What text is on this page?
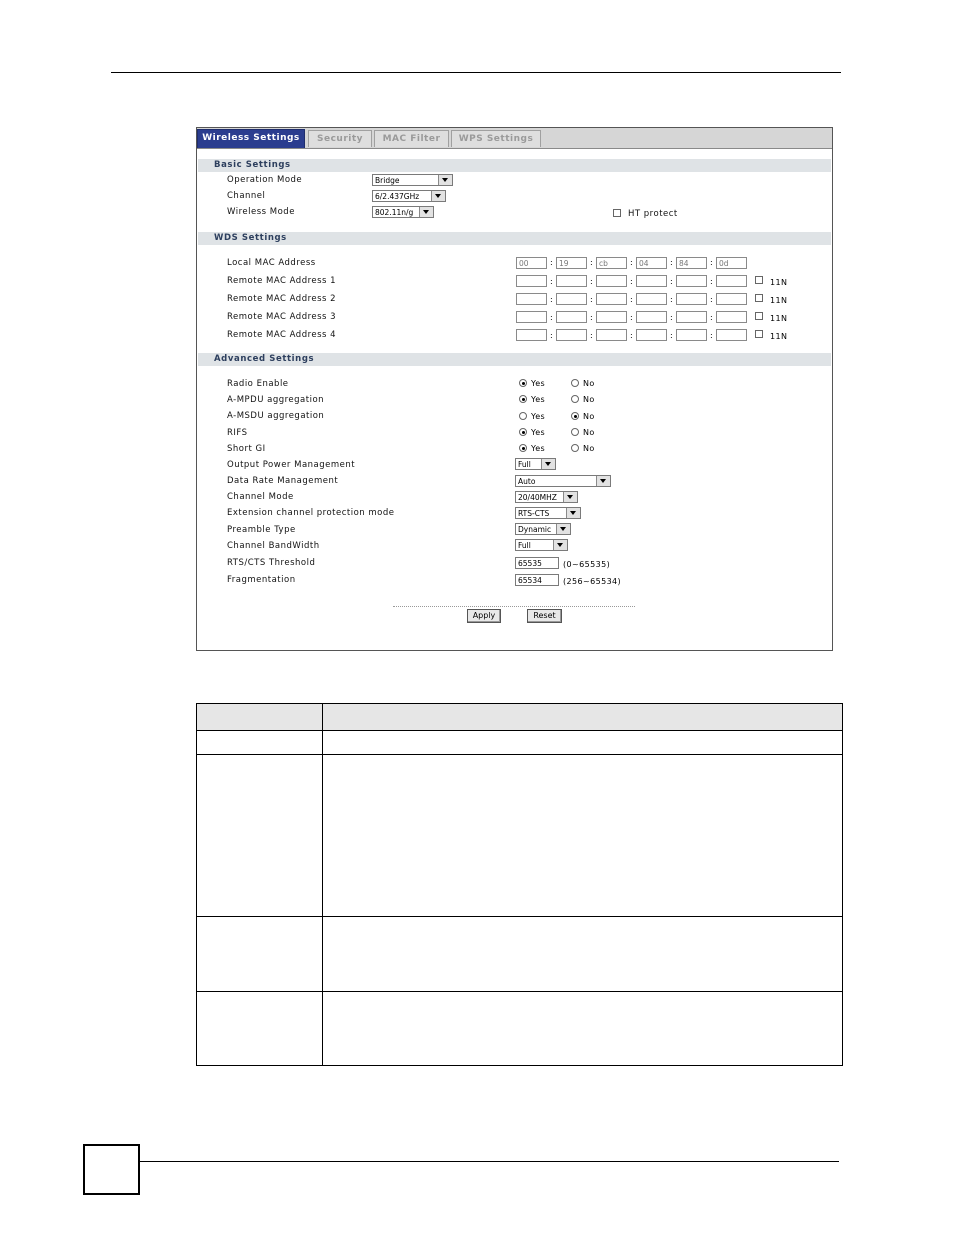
Wireless Settings	Security	MAC Filter	WPS Settings
Basic Settings
Operation Mode	Bridge
Channel	6/2.437GHz
Wireless Mode	802.11n/g	HT protect
WDS Settings
Local MAC Address	00	: 19	: cb	: 04	: 84	: 0d
Remote MAC Address 1	:	:	:	:	:	11N
Remote MAC Address 2	:	:	:	:	:	11N
Remote MAC Address 3	:	:	:	:	:	11N
Remote MAC Address 4	:	:	:	:	:	11N
Advanced Settings
Radio Enable	Yes	No
A-MPDU aggregation	Yes	No
A-MSDU aggregation	Yes	No
RIFS	Yes	No
Short GI	Yes	No
Output Power Management	Full
Data Rate Management	Auto
Channel Mode	20/40MHZ
Extension channel protection mode	RTS-CTS
Preamble Type	Dynamic
Channel BandWidth	Full
RTS/CTS Threshold	65535	(0~65535)
Fragmentation	65534	(256~65534)
Apply	Reset
